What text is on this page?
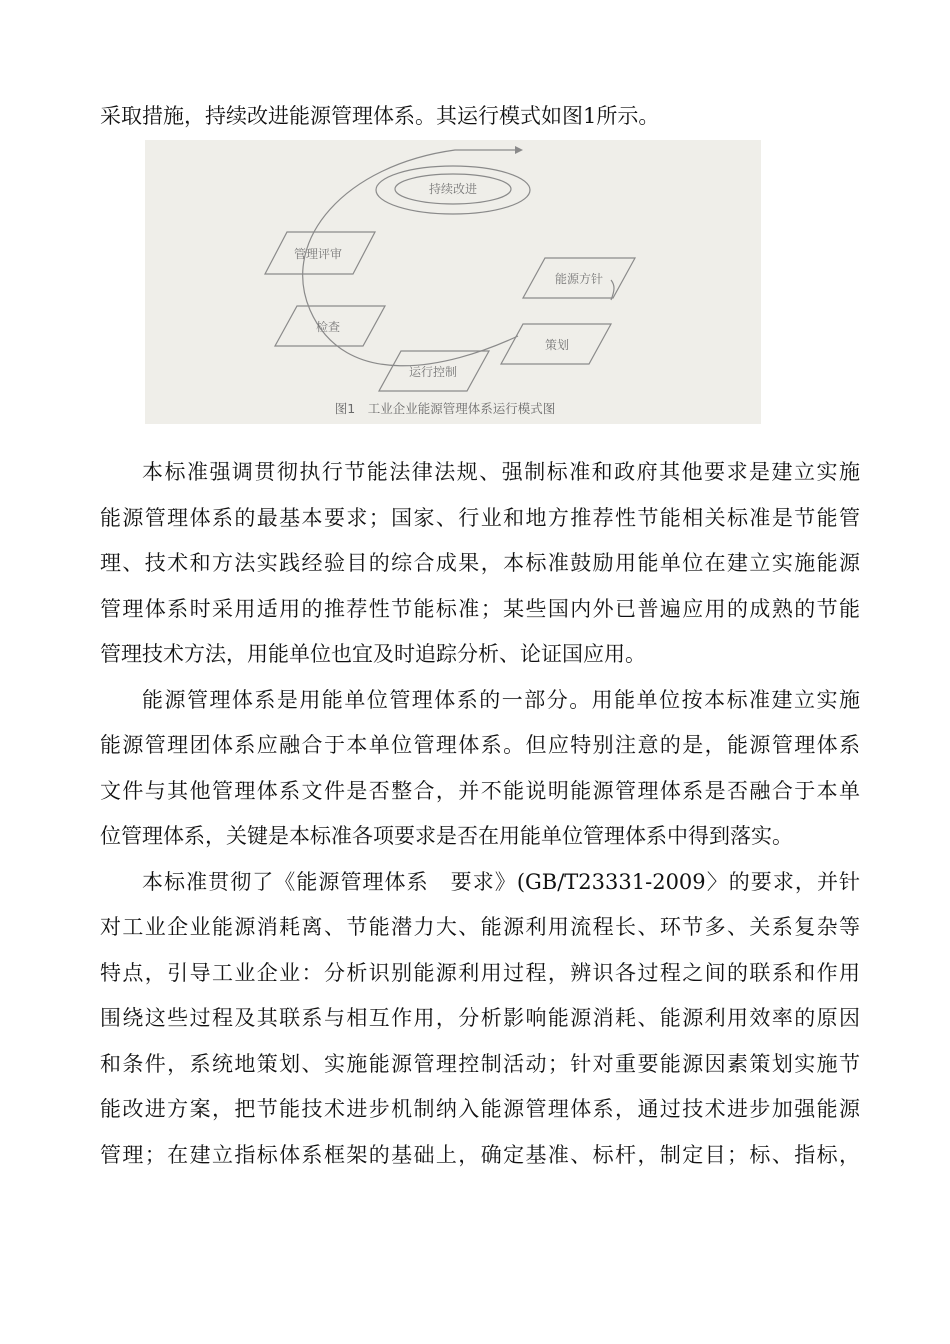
采取措施，持续改进能源管理体系。其运行模式如图1所示。
持续改进
管理评审
检查
运行控制
策划
能源方针
图1　工业企业能源管理体系运行模式图
本标准强调贯彻执行节能法律法规、强制标准和政府其他要求是建立实施
能源管理体系的最基本要求；国家、行业和地方推荐性节能相关标准是节能管
理、技术和方法实践经验目的综合成果，本标准鼓励用能单位在建立实施能源
管理体系时采用适用的推荐性节能标准；某些国内外已普遍应用的成熟的节能
管理技术方法，用能单位也宜及时追踪分析、论证国应用。
能源管理体系是用能单位管理体系的一部分。用能单位按本标准建立实施
能源管理团体系应融合于本单位管理体系。但应特别注意的是，能源管理体系
文件与其他管理体系文件是否整合，并不能说明能源管理体系是否融合于本单
位管理体系，关键是本标准各项要求是否在用能单位管理体系中得到落实。
本标准贯彻了《能源管理体系　要求》(GB/T23331-2009〉的要求，并针
对工业企业能源消耗离、节能潜力大、能源利用流程长、环节多、关系复杂等
特点，引导工业企业：分析识别能源利用过程，辨识各过程之间的联系和作用
围绕这些过程及其联系与相互作用，分析影响能源消耗、能源利用效率的原因
和条件，系统地策划、实施能源管理控制活动；针对重要能源因素策划实施节
能改进方案，把节能技术进步机制纳入能源管理体系，通过技术进步加强能源
管理；在建立指标体系框架的基础上，确定基准、标杆，制定目；标、指标，
